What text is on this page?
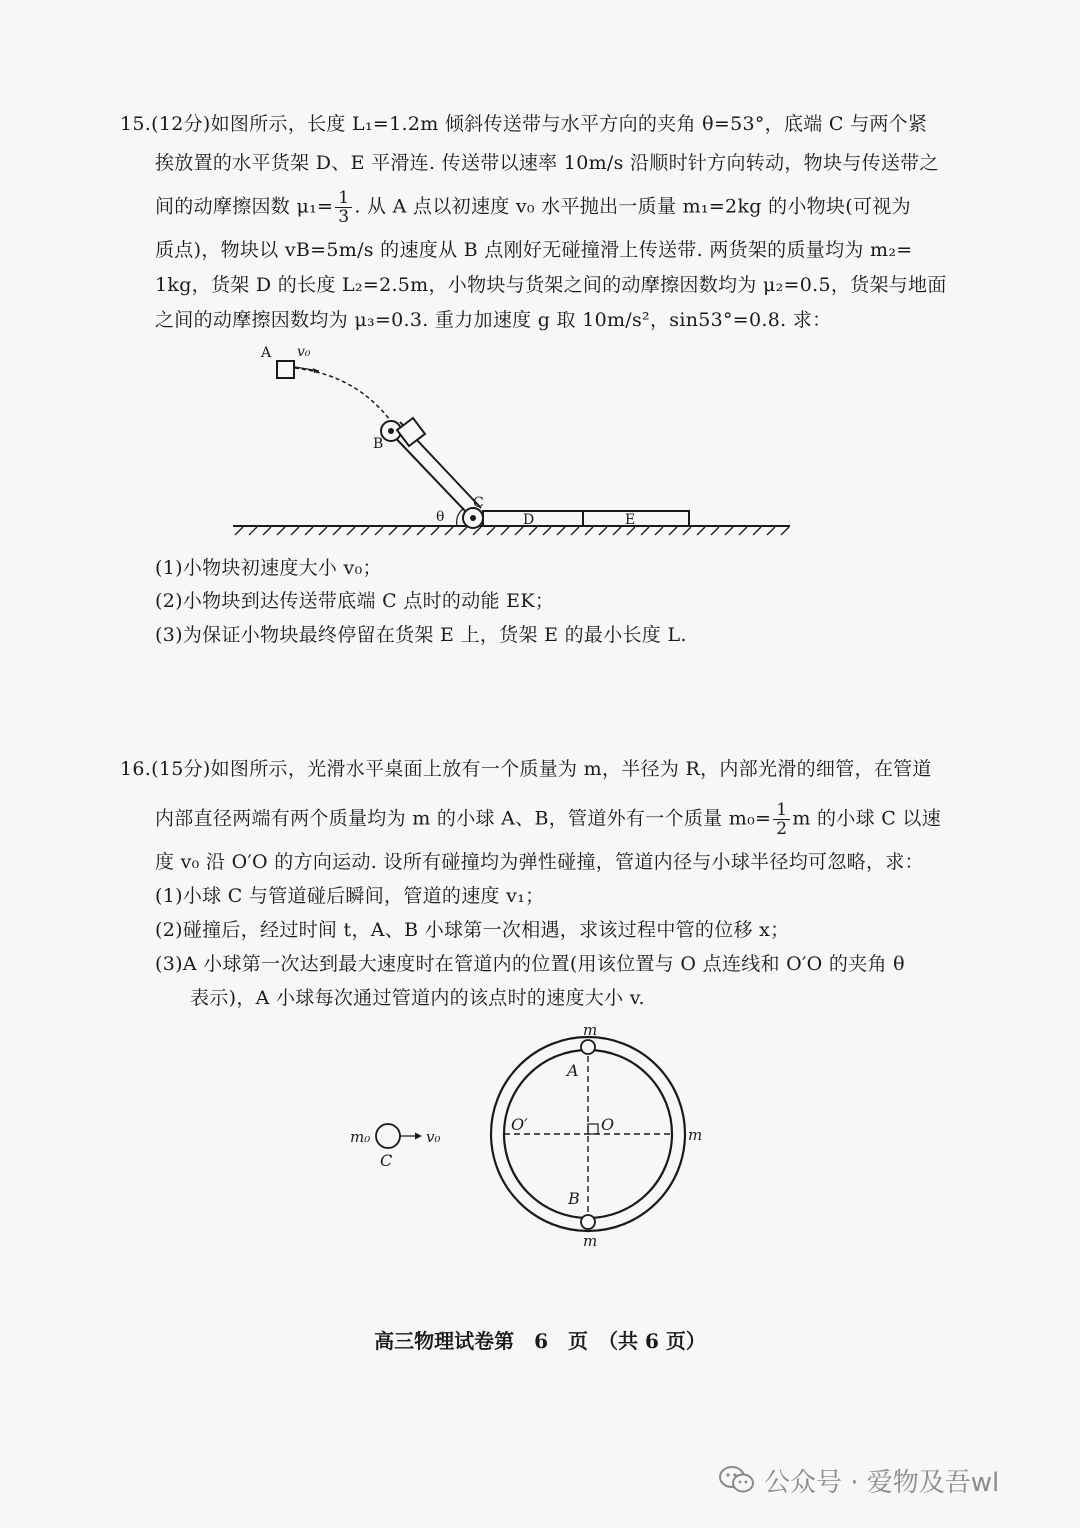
15.(12分)如图所示，长度 L₁=1.2m 倾斜传送带与水平方向的夹角 θ=53°，底端 C 与两个紧
挨放置的水平货架 D、E 平滑连. 传送带以速率 10m/s 沿顺时针方向转动，物块与传送带之
间的动摩擦因数 $\mu_1= \frac{1}{3}$ . 从 A 点以初速度 v₀ 水平抛出一质量 m₁=2kg 的小物块(可视为
质点)，物块以 vB=5m/s 的速度从 B 点刚好无碰撞滑上传送带. 两货架的质量均为 m₂=
1kg，货架 D 的长度 L₂=2.5m，小物块与货架之间的动摩擦因数均为 μ₂=0.5，货架与地面
之间的动摩擦因数均为 μ₃=0.3. 重力加速度 g 取 10m/s²，sin53°=0.8. 求：
A v₀
B
C
θ	D	E
(1)小物块初速度大小 v₀；
(2)小物块到达传送带底端 C 点时的动能 EK；
(3)为保证小物块最终停留在货架 E 上，货架 E 的最小长度 L.
16.(15分)如图所示，光滑水平桌面上放有一个质量为 m，半径为 R，内部光滑的细管，在管道
内部直径两端有两个质量均为 m 的小球 A、B，管道外有一个质量 $m_0= \frac{1}{2}$ m 的小球 C 以速
度 v₀ 沿 O′O 的方向运动. 设所有碰撞均为弹性碰撞，管道内径与小球半径均可忽略，求：
(1)小球 C 与管道碰后瞬间，管道的速度 v₁；
(2)碰撞后，经过时间 t，A、B 小球第一次相遇，求该过程中管的位移 x；
(3)A 小球第一次达到最大速度时在管道内的位置(用该位置与 O 点连线和 O′O 的夹角 θ
表示)，A 小球每次通过管道内的该点时的速度大小 v.
m
m
m
A
B
O
O′
m₀
C
v₀
高三物理试卷第　6　页　（共 6 页）
公众号 · 爱物及吾wl
